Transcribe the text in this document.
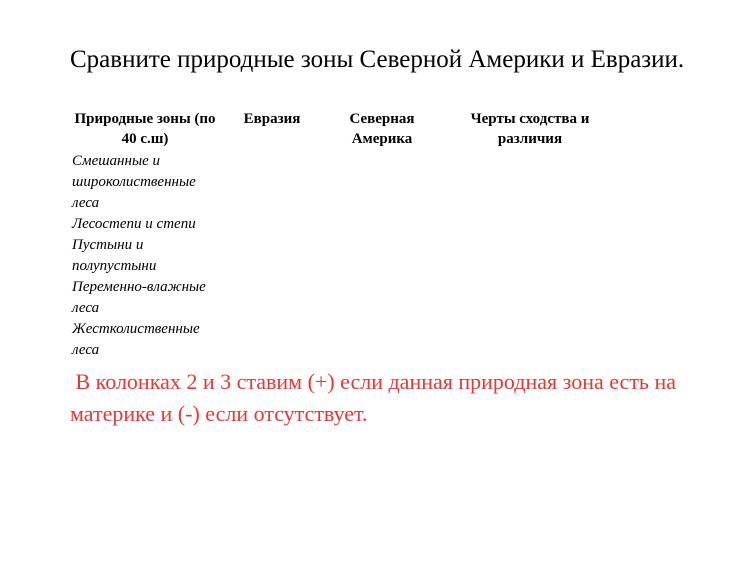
Сравните природные зоны Северной Америки и Евразии.
Природные зоны (по 40 с.ш)	Евразия	Северная Америка	Черты сходства и различия
Смешанные и широколиственные леса			
Лесостепи и степи			
Пустыни и полупустыни			
Переменно-влажные леса			
Жестколиственные леса			

В колонках 2 и 3 ставим (+) если данная природная зона есть на материке и (-) если отсутствует.
